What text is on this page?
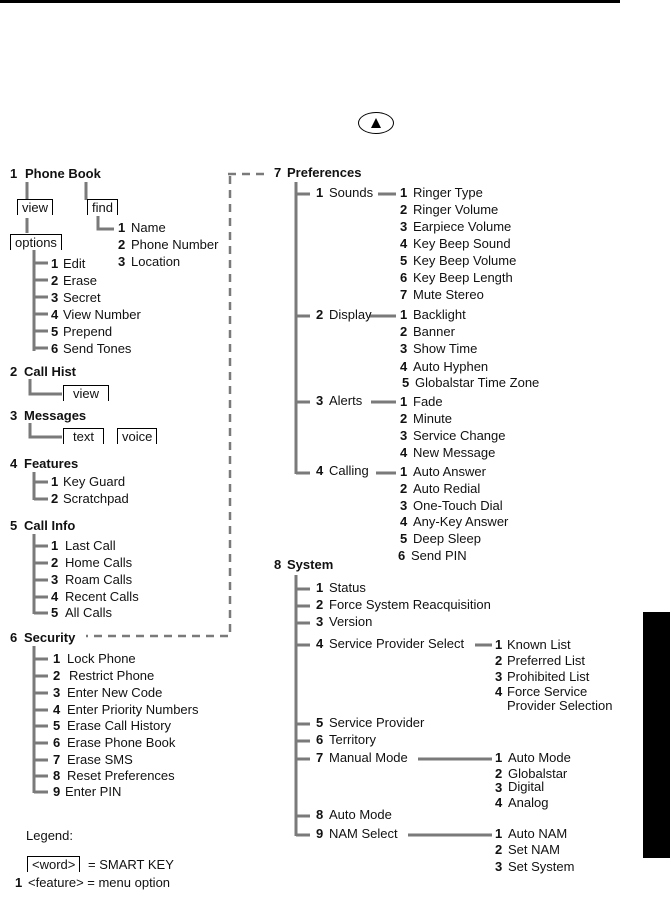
1 Phone Book
view	find
options
1 Name
2 Phone Number
3 Location
1 Edit
2 Erase
3 Secret
4 View Number
5 Prepend
6 Send Tones
2 Call Hist
view
3 Messages
text	voice
4 Features
1 Key Guard
2 Scratchpad
5 Call Info
1 Last Call
2 Home Calls
3 Roam Calls
4 Recent Calls
5 All Calls
6 Security
1 Lock Phone
2 Restrict Phone
3 Enter New Code
4 Enter Priority Numbers
5 Erase Call History
6 Erase Phone Book
7 Erase SMS
8 Reset Preferences
9 Enter PIN
Legend:
<word> = SMART KEY
1 <feature> = menu option
7 Preferences
1 Sounds 1 Ringer Type
2 Ringer Volume
3 Earpiece Volume
4 Key Beep Sound
5 Key Beep Volume
6 Key Beep Length
7 Mute Stereo
2 Display 1 Backlight
2 Banner
3 Show Time
4 Auto Hyphen
5 Globalstar Time Zone
3 Alerts	1 Fade
2 Minute
3 Service Change
4 New Message
4 Calling 1 Auto Answer
2 Auto Redial
3 One-Touch Dial
4 Any-Key Answer
5 Deep Sleep
6 Send PIN
8 System
1 Status
2 Force System Reacquisition
3 Version
4 Service Provider Select
5 Service Provider
6 Territory
7 Manual Mode
8 Auto Mode
9 NAM Select
1 Known List
2 Preferred List
3 Prohibited List
4 Force Service
Provider Selection
1 Auto Mode
2 Globalstar
3 Digital
4 Analog
1 Auto NAM
2 Set NAM
3 Set System
